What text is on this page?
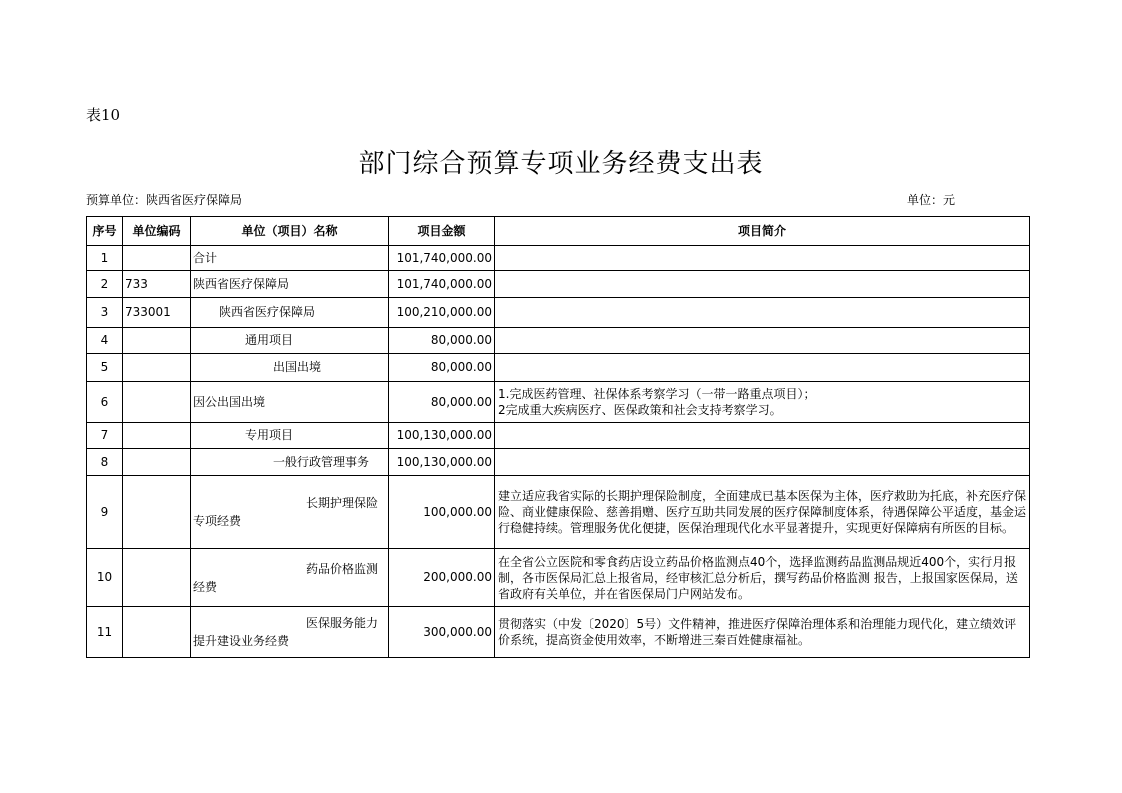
表10
部门综合预算专项业务经费支出表
预算单位：陕西省医疗保障局	单位：元
序号	单位编码	单位（项目）名称	项目金额	项目简介
1		合计	101,740,000.00	
2	733	陕西省医疗保障局	101,740,000.00	
3	733001	陕西省医疗保障局	100,210,000.00	
4		通用项目	80,000.00	
5		出国出境	80,000.00	
6		因公出国出境	80,000.00	1.完成医药管理、社保体系考察学习（一带一路重点项目）；
2完成重大疾病医疗、医保政策和社会支持考察学习。

7		专用项目	100,130,000.00	
8		一般行政管理事务	100,130,000.00	
9		长期护理保险
专项经费	100,000.00	建立适应我省实际的长期护理保险制度，全面建成已基本医保为主体，医疗救助为托底，补充医疗保险、商业健康保险、慈善捐赠、医疗互助共同发展的医疗保障制度体系，待遇保障公平适度，基金运行稳健持续。管理服务优化便捷，医保治理现代化水平显著提升，实现更好保障病有所医的目标。
10		药品价格监测
经费	200,000.00	在全省公立医院和零食药店设立药品价格监测点40个，选择监测药品监测品规近400个，实行月报制，各市医保局汇总上报省局，经审核汇总分析后，撰写药品价格监测 报告，上报国家医保局，送省政府有关单位，并在省医保局门户网站发布。
11		医保服务能力
提升建设业务经费	300,000.00	贯彻落实（中发〔2020〕5号）文件精神，推进医疗保障治理体系和治理能力现代化，建立绩效评价系统，提高资金使用效率，不断增进三秦百姓健康福祉。
